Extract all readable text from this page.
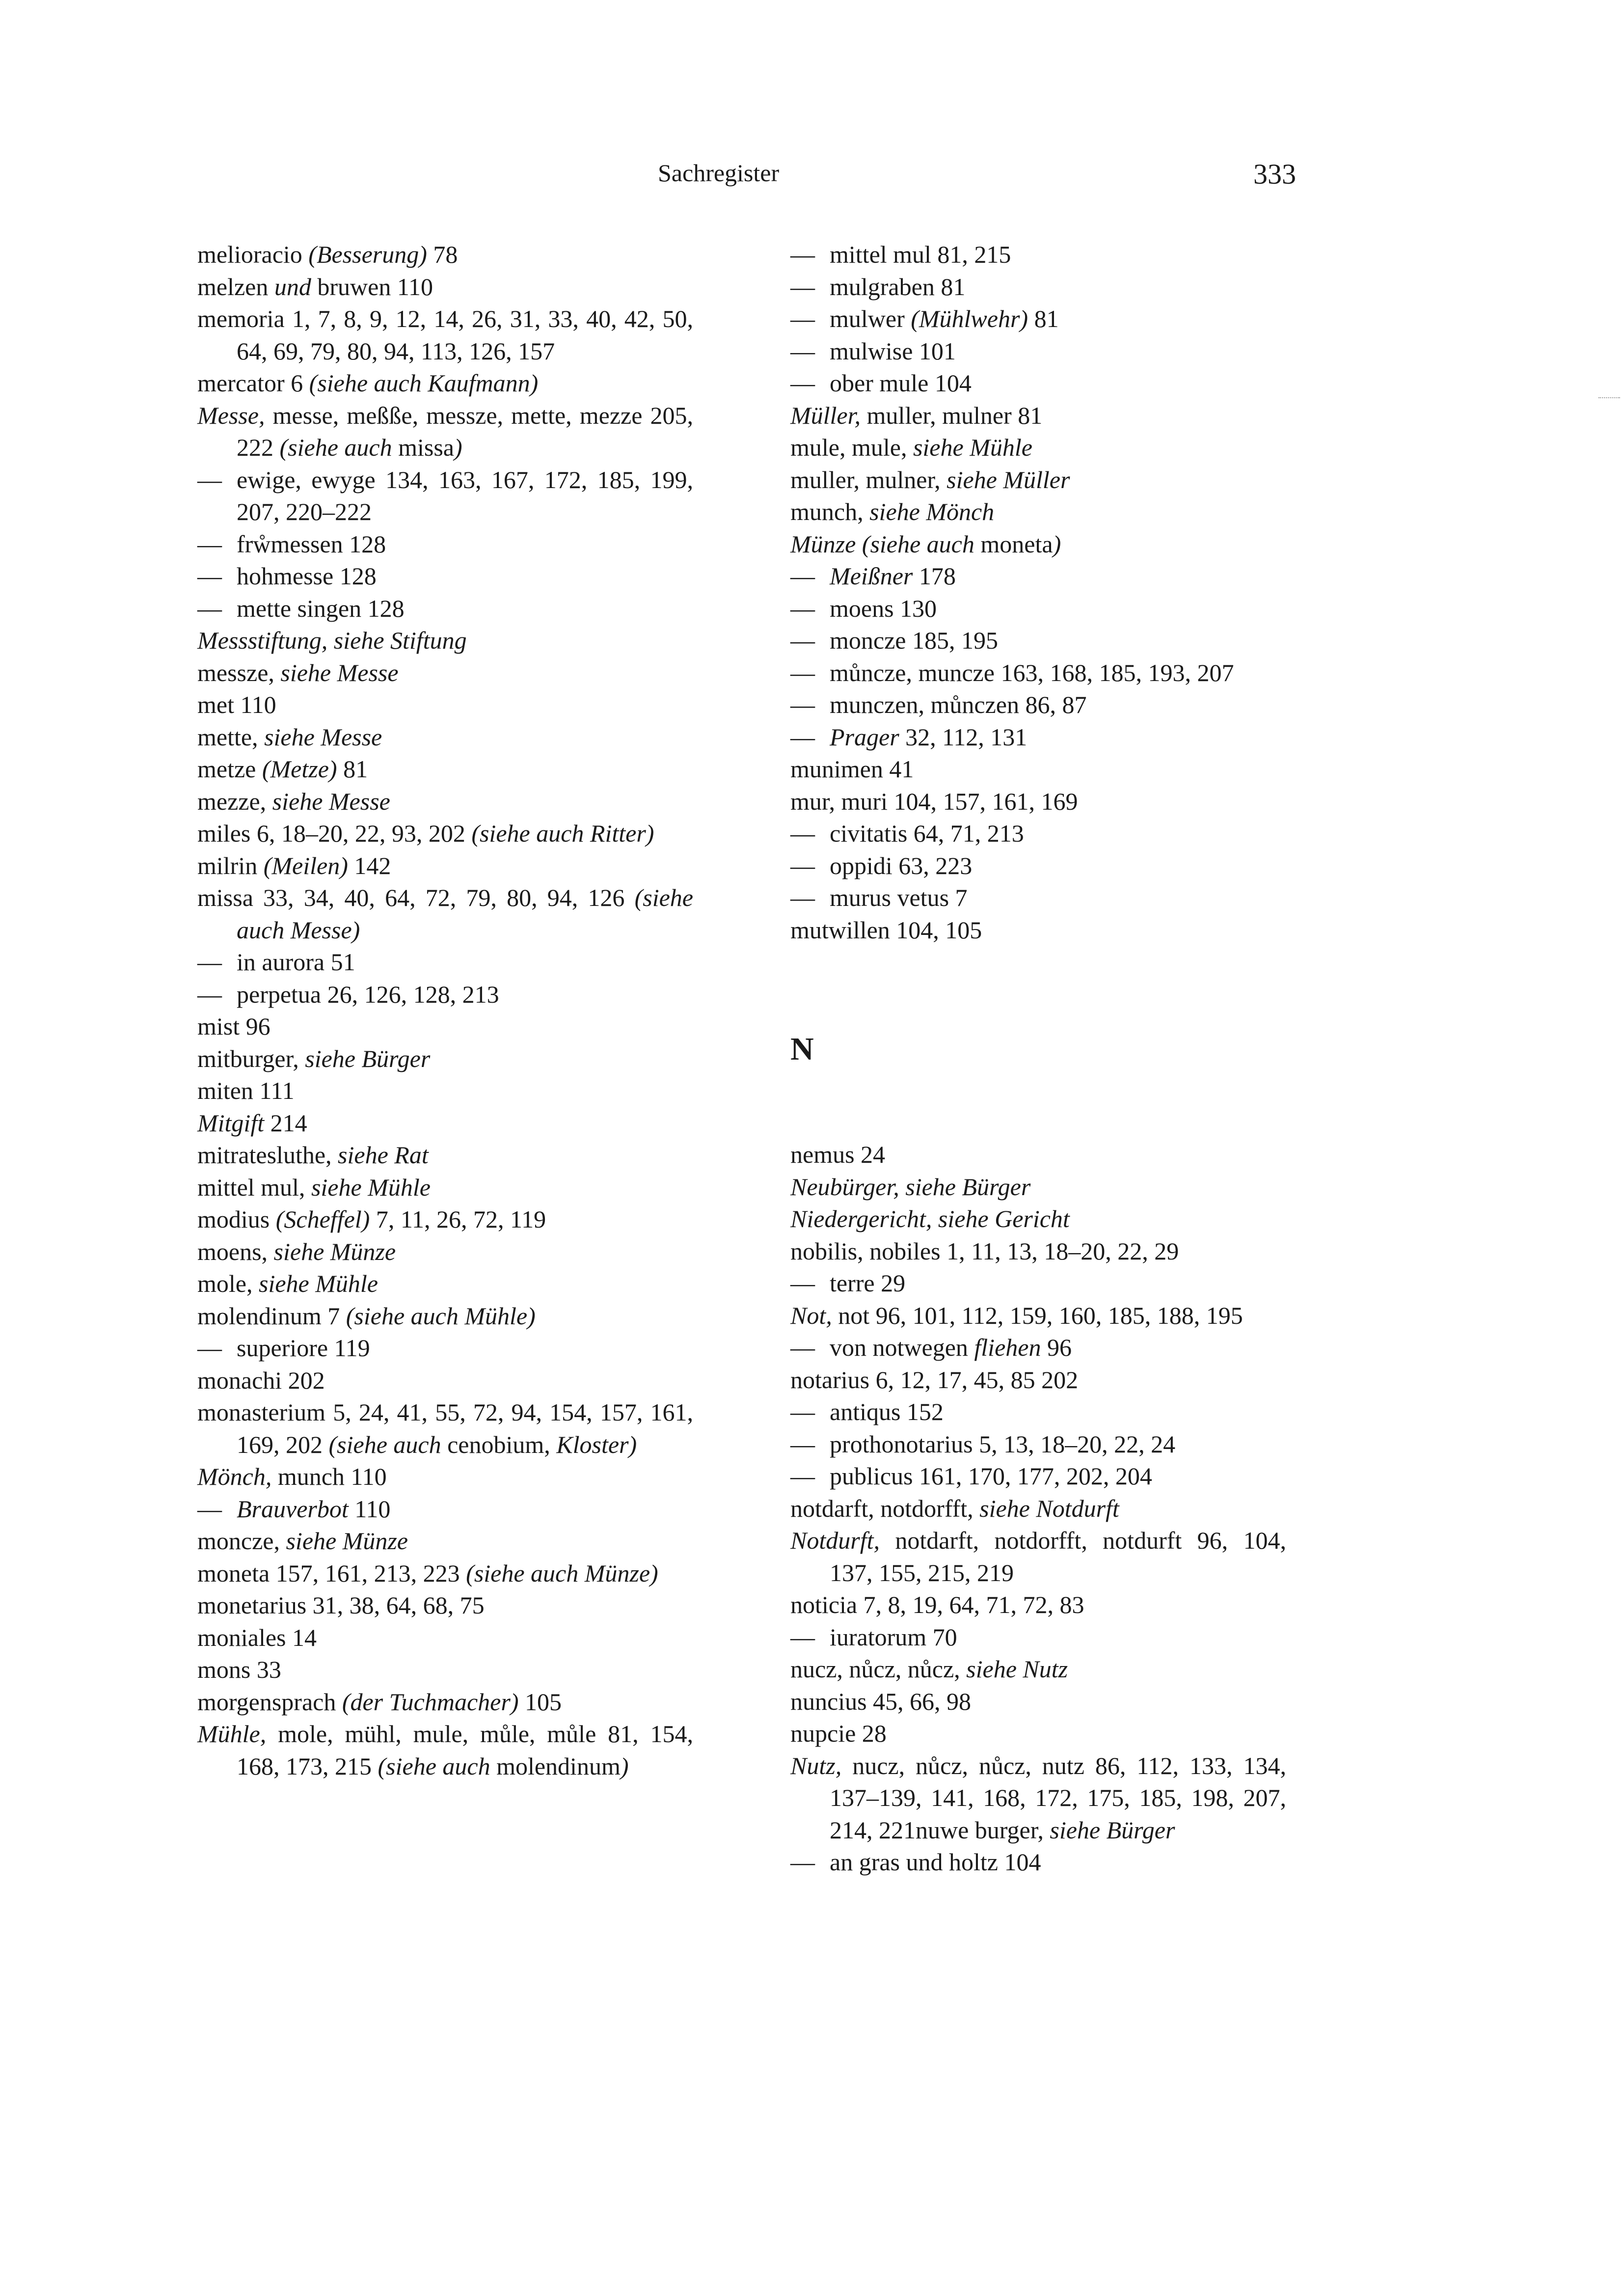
Sachregister	333
melioracio (Besserung) 78
melzen und bruwen 110
memoria 1, 7, 8, 9, 12, 14, 26, 31, 33, 40, 42, 50, 64, 69, 79, 80, 94, 113, 126, 157
mercator 6 (siehe auch Kaufmann)
Messe, messe, meßße, messze, mette, mezze 205, 222 (siehe auch missa)
— ewige, ewyge 134, 163, 167, 172, 185, 199, 207, 220–222
— frẘmessen 128
— hohmesse 128
— mette singen 128
Messstiftung, siehe Stiftung
messze, siehe Messe
met 110
mette, siehe Messe
metze (Metze) 81
mezze, siehe Messe
miles 6, 18–20, 22, 93, 202 (siehe auch Ritter)
milrin (Meilen) 142
missa 33, 34, 40, 64, 72, 79, 80, 94, 126 (siehe auch Messe)
— in aurora 51
— perpetua 26, 126, 128, 213
mist 96
mitburger, siehe Bürger
miten 111
Mitgift 214
mitratesluthe, siehe Rat
mittel mul, siehe Mühle
modius (Scheffel) 7, 11, 26, 72, 119
moens, siehe Münze
mole, siehe Mühle
molendinum 7 (siehe auch Mühle)
— superiore 119
monachi 202
monasterium 5, 24, 41, 55, 72, 94, 154, 157, 161, 169, 202 (siehe auch cenobium, Kloster)
Mönch, munch 110
— Brauverbot 110
moncze, siehe Münze
moneta 157, 161, 213, 223 (siehe auch Münze)
monetarius 31, 38, 64, 68, 75
moniales 14
mons 33
morgensprach (der Tuchmacher) 105
Mühle, mole, mühl, mule, můle, můle 81, 154, 168, 173, 215 (siehe auch molendinum)
— mittel mul 81, 215
— mulgraben 81
— mulwer (Mühlwehr) 81
— mulwise 101
— ober mule 104
Müller, muller, mulner 81
mule, mule, siehe Mühle
muller, mulner, siehe Müller
munch, siehe Mönch
Münze (siehe auch moneta)
— Meißner 178
— moens 130
— moncze 185, 195
— můncze, muncze 163, 168, 185, 193, 207
— munczen, můnczen 86, 87
— Prager 32, 112, 131
munimen 41
mur, muri 104, 157, 161, 169
— civitatis 64, 71, 213
— oppidi 63, 223
— murus vetus 7
mutwillen 104, 105
N
nemus 24
Neubürger, siehe Bürger
Niedergericht, siehe Gericht
nobilis, nobiles 1, 11, 13, 18–20, 22, 29
— terre 29
Not, not 96, 101, 112, 159, 160, 185, 188, 195
— von notwegen fliehen 96
notarius 6, 12, 17, 45, 85 202
— antiqus 152
— prothonotarius 5, 13, 18–20, 22, 24
— publicus 161, 170, 177, 202, 204
notdarft, notdorfft, siehe Notdurft
Notdurft, notdarft, notdorfft, notdurft 96, 104, 137, 155, 215, 219
noticia 7, 8, 19, 64, 71, 72, 83
— iuratorum 70
nucz, nůcz, nůcz, siehe Nutz
nuncius 45, 66, 98
nupcie 28
Nutz, nucz, nůcz, nůcz, nutz 86, 112, 133, 134, 137–139, 141, 168, 172, 175, 185, 198, 207, 214, 221nuwe burger, siehe Bürger
— an gras und holtz 104
